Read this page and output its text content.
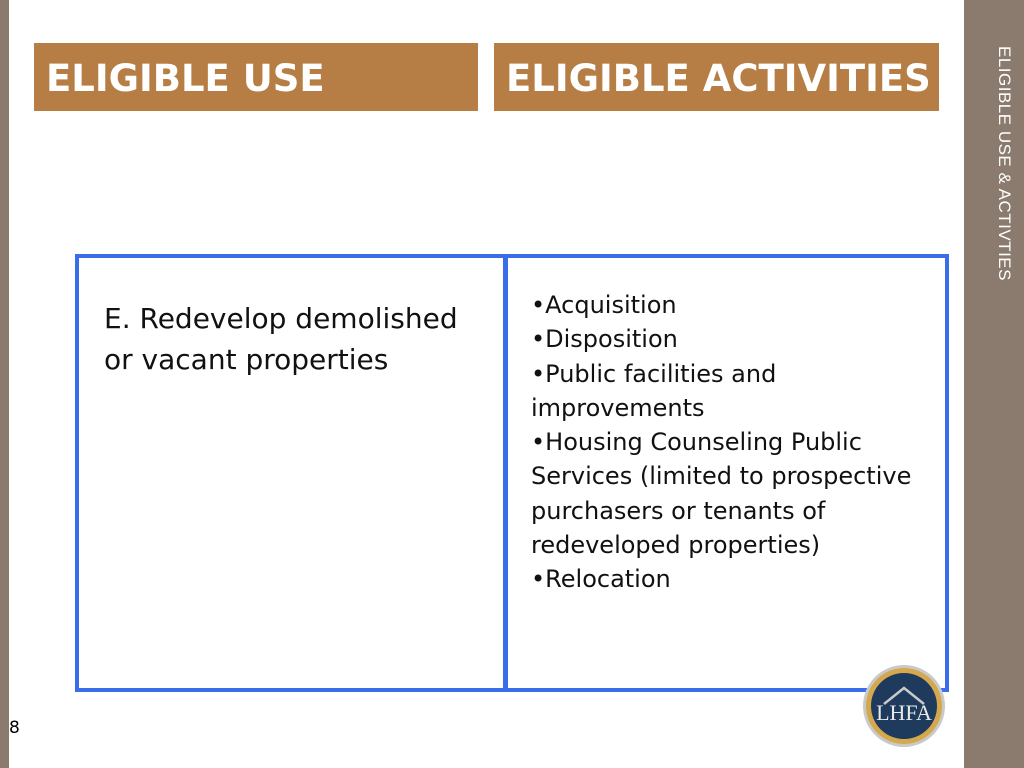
ELIGIBLE USE & ACTIVTIES
ELIGIBLE USE	ELIGIBLE ACTIVITIES
E. Redevelop demolished or vacant properties
•Acquisition
•Disposition
•Public facilities and improvements
•Housing Counseling Public Services (limited to prospective purchasers or tenants of redeveloped properties)
•Relocation
LHFA
8
